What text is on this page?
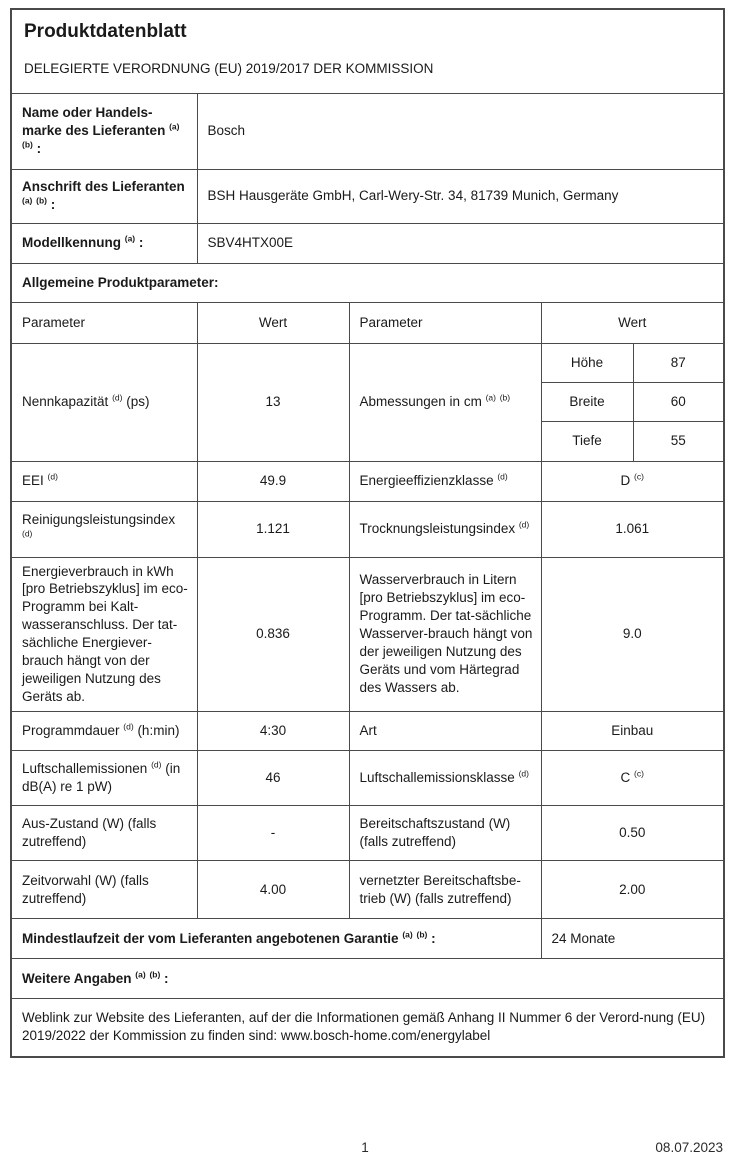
Produktdatenblatt
DELEGIERTE VERORDNUNG (EU) 2019/2017 DER KOMMISSION				

Name oder Handels-marke des Lieferanten $^{(a)}$ $^{(b)}$ :	Bosch			
Anschrift des Lieferanten $^{(a)}$ $^{(b)}$ :	BSH Hausgeräte GmbH, Carl-Wery-Str. 34, 81739 Munich, Germany			
Modellkennung $^{(a)}$ :	SBV4HTX00E			
Allgemeine Produktparameter:				
Parameter	Wert	Parameter	Wert	
Nennkapazität $^{(d)}$ (ps)	13	Abmessungen in cm $^{(a)}$ $^{(b)}$	Höhe	87
			Breite	60
			Tiefe	55
EEI $^{(d)}$	49.9	Energieeffizienzklasse $^{(d)}$	D $^{(c)}$
Reinigungsleistungsindex $^{(d)}$	1.121	Trocknungsleistungsindex $^{(d)}$	1.061	
Energieverbrauch in kWh [pro Betriebszyklus] im eco-Programm bei Kalt-wasseranschluss. Der tat-sächliche Energiever-brauch hängt von der jeweiligen Nutzung des Geräts ab.	0.836	Wasserverbrauch in Litern [pro Betriebszyklus] im eco-Programm. Der tat-sächliche Wasserver-brauch hängt von der jeweiligen Nutzung des Geräts und vom Härtegrad des Wassers ab.	9.0	
Programmdauer $^{(d)}$ (h:min)	4:30	Art	Einbau	
Luftschallemissionen $^{(d)}$ (in dB(A) re 1 pW)	46	Luftschallemissionsklasse $^{(d)}$	C $^{(c)}$
Aus-Zustand (W) (falls zutreffend)	-	Bereitschaftszustand (W) (falls zutreffend)	0.50	
Zeitvorwahl (W) (falls zutreffend)	4.00	vernetzter Bereitschaftsbe-trieb (W) (falls zutreffend)	2.00	
Mindestlaufzeit der vom Lieferanten angebotenen Garantie $^{(a)}$ $^{(b)}$ :			24 Monate	
Weitere Angaben $^{(a)}$ $^{(b)}$ :				
Weblink zur Website des Lieferanten, auf der die Informationen gemäß Anhang II Nummer 6 der Verord-nung (EU) 2019/2022 der Kommission zu finden sind: www.bosch-home.com/energylabel				
1	08.07.2023
